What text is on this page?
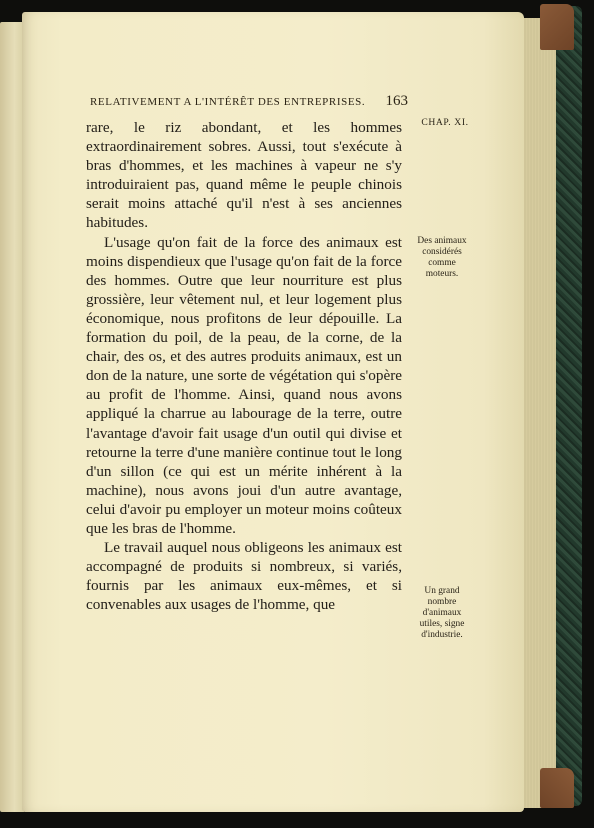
RELATIVEMENT A L'INTÉRÊT DES ENTREPRISES. 163
CHAP. XI.
Des animaux
considérés
comme
moteurs.
Un grand
nombre
d'animaux
utiles, signe
d'industrie.

rare, le riz abondant, et les hommes extraordinairement sobres. Aussi, tout s'exécute à bras d'hommes, et les machines à vapeur ne s'y introduiraient pas, quand même le peuple chinois serait moins attaché qu'il n'est à ses anciennes habitudes.

L'usage qu'on fait de la force des animaux est moins dispendieux que l'usage qu'on fait de la force des hommes. Outre que leur nourriture est plus grossière, leur vêtement nul, et leur logement plus économique, nous profitons de leur dépouille. La formation du poil, de la peau, de la corne, de la chair, des os, et des autres produits animaux, est un don de la nature, une sorte de végétation qui s'opère au profit de l'homme. Ainsi, quand nous avons appliqué la charrue au labourage de la terre, outre l'avantage d'avoir fait usage d'un outil qui divise et retourne la terre d'une manière continue tout le long d'un sillon (ce qui est un mérite inhérent à la machine), nous avons joui d'un autre avantage, celui d'avoir pu employer un moteur moins coûteux que les bras de l'homme.

Le travail auquel nous obligeons les animaux est accompagné de produits si nombreux, si variés, fournis par les animaux eux-mêmes, et si convenables aux usages de l'homme, que
